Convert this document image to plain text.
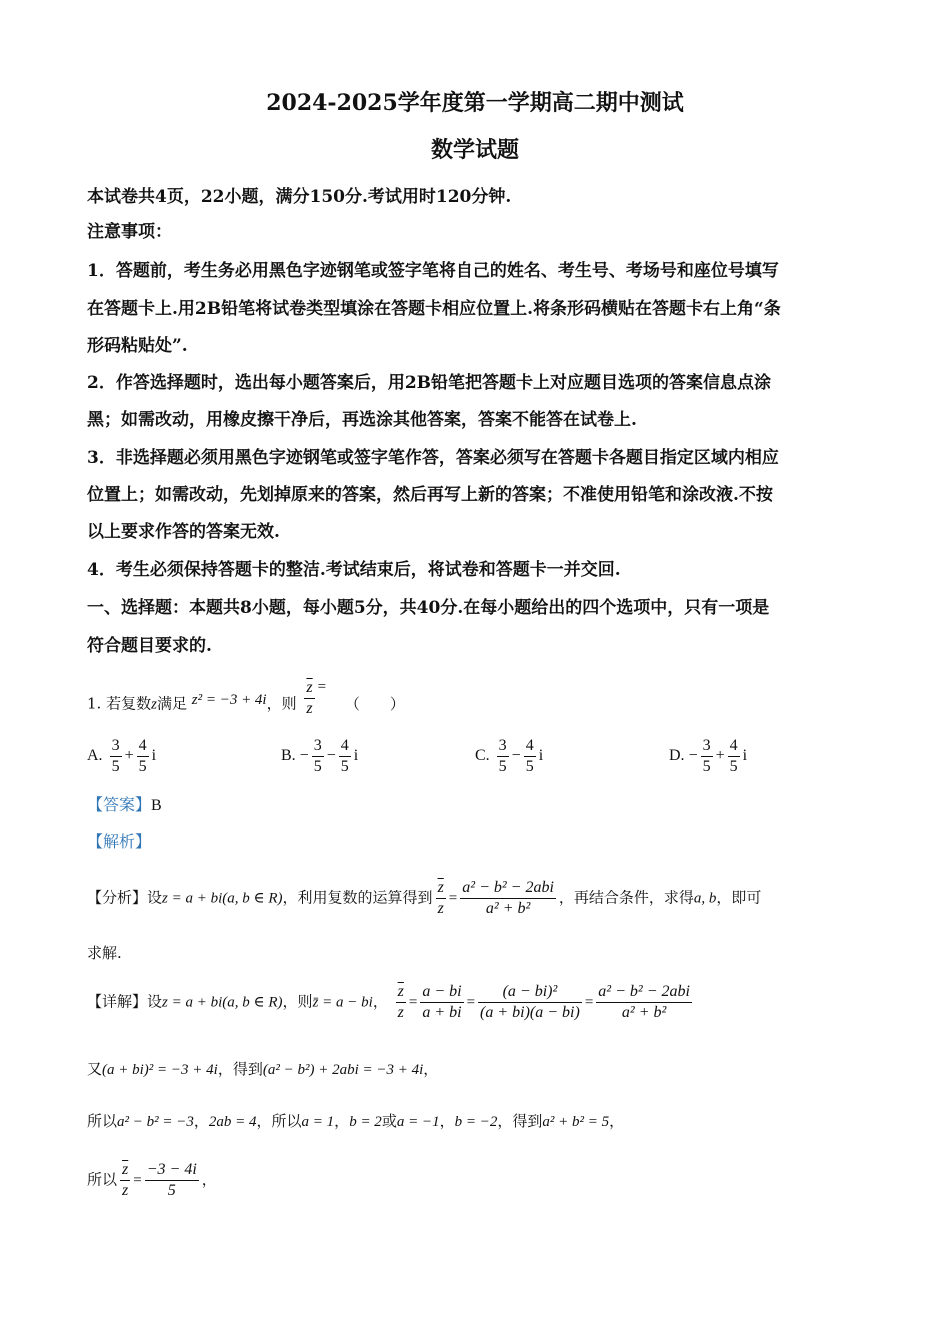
2024-2025学年度第一学期高二期中测试
数学试题
本试卷共4页，22小题，满分150分.考试用时120分钟.
注意事项：
1．答题前，考生务必用黑色字迹钢笔或签字笔将自己的姓名、考生号、考场号和座位号填写
在答题卡上.用2B铅笔将试卷类型填涂在答题卡相应位置上.将条形码横贴在答题卡右上角“条
形码粘贴处”.
2．作答选择题时，选出每小题答案后，用2B铅笔把答题卡上对应题目选项的答案信息点涂
黑；如需改动，用橡皮擦干净后，再选涂其他答案，答案不能答在试卷上.
3．非选择题必须用黑色字迹钢笔或签字笔作答，答案必须写在答题卡各题目指定区域内相应
位置上；如需改动，先划掉原来的答案，然后再写上新的答案；不准使用铅笔和涂改液.不按
以上要求作答的答案无效.
4．考生必须保持答题卡的整洁.考试结束后，将试卷和答题卡一并交回.
一、选择题：本题共8小题，每小题5分，共40分.在每小题给出的四个选项中，只有一项是
符合题目要求的.
1. 若复数z满足 z² = −3 + 4i，则 $\frac{\overline{z}}{z}$ = （　　）
A. $\frac{3}{5} + \frac{4}{5}$ i	B. − $\frac{3}{5} - \frac{4}{5}$ i	C. $\frac{3}{5} - \frac{4}{5}$ i	D. − $\frac{3}{5} + \frac{4}{5}$ i
【答案】B
【解析】
【分析】设z = a + bi(a, b ∈ R)，利用复数的运算得到 $\frac{\overline{z}}{z} = \frac{\text{a² − b² − 2abi}}{\text{a² + b²}}$ ，再结合条件，求得a, b，即可
求解.
【详解】设z = a + bi(a, b ∈ R)，则z̄ = a − bi， $\frac{\overline{z}}{z} = \frac{a - bi}{a + bi} = \frac{\text{(a − bi)²}}{(a + bi)(a - bi)} = \frac{\text{a² − b² − 2abi}}{\text{a² + b²}}$
又(a + bi)² = −3 + 4i，得到(a² − b²) + 2abi = −3 + 4i，
所以a² − b² = −3，2ab = 4，所以a = 1，b = 2或a = −1，b = −2，得到a² + b² = 5，
所以 $\frac{\overline{z}}{z} = \frac{-3 - 4i}{5}$ ，
